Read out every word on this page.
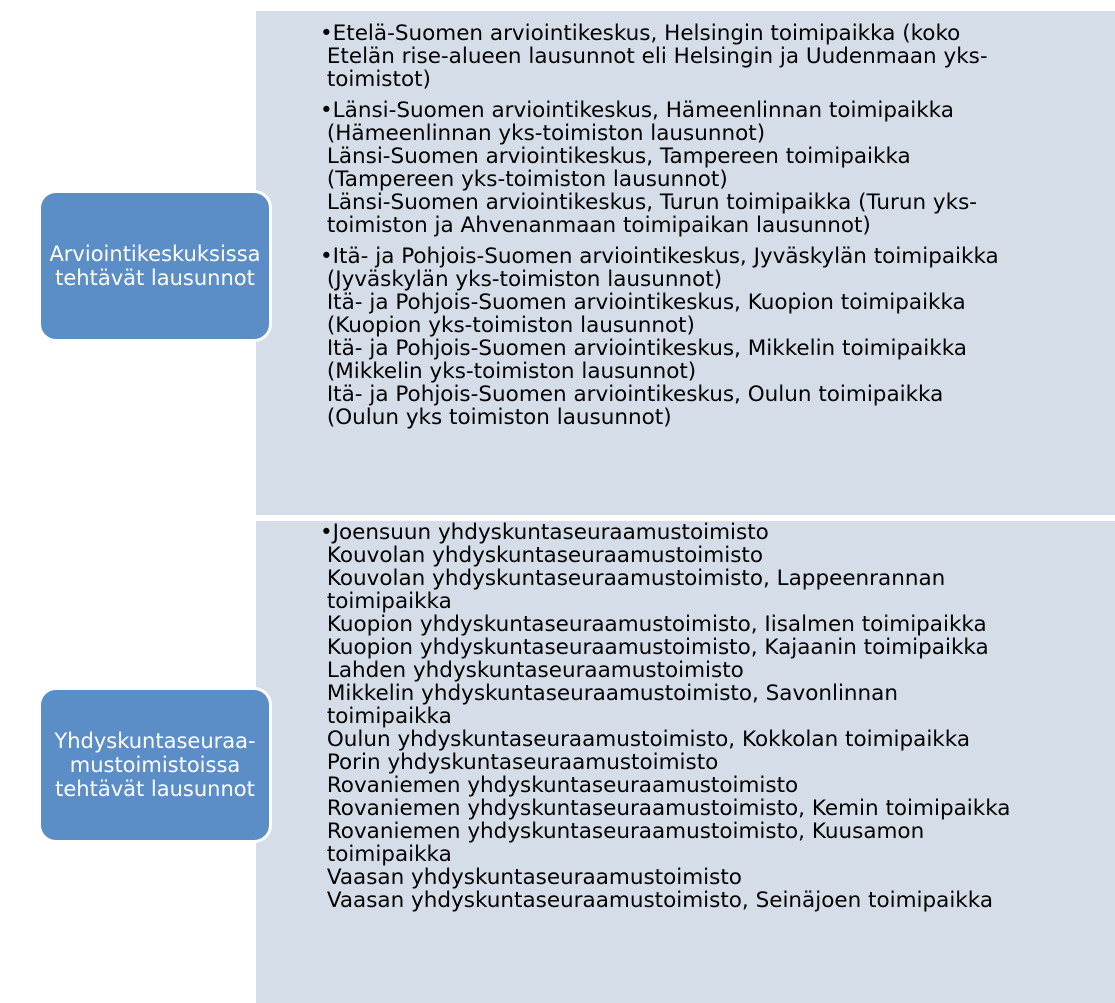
•Etelä-Suomen arviointikeskus, Helsingin toimipaikka (koko
Etelän rise-alueen lausunnot eli Helsingin ja Uudenmaan yks-
toimistot)
•Länsi-Suomen arviointikeskus, Hämeenlinnan toimipaikka
(Hämeenlinnan yks-toimiston lausunnot)
Länsi-Suomen arviointikeskus, Tampereen toimipaikka
(Tampereen yks-toimiston lausunnot)
Länsi-Suomen arviointikeskus, Turun toimipaikka (Turun yks-
toimiston ja Ahvenanmaan toimipaikan lausunnot)
•Itä- ja Pohjois-Suomen arviointikeskus, Jyväskylän toimipaikka
(Jyväskylän yks-toimiston lausunnot)
Itä- ja Pohjois-Suomen arviointikeskus, Kuopion toimipaikka
(Kuopion yks-toimiston lausunnot)
Itä- ja Pohjois-Suomen arviointikeskus, Mikkelin toimipaikka
(Mikkelin yks-toimiston lausunnot)
Itä- ja Pohjois-Suomen arviointikeskus, Oulun toimipaikka
(Oulun yks toimiston lausunnot)
•Joensuun yhdyskuntaseuraamustoimisto
Kouvolan yhdyskuntaseuraamustoimisto
Kouvolan yhdyskuntaseuraamustoimisto, Lappeenrannan
toimipaikka
Kuopion yhdyskuntaseuraamustoimisto, Iisalmen toimipaikka
Kuopion yhdyskuntaseuraamustoimisto, Kajaanin toimipaikka
Lahden yhdyskuntaseuraamustoimisto
Mikkelin yhdyskuntaseuraamustoimisto, Savonlinnan
toimipaikka
Oulun yhdyskuntaseuraamustoimisto, Kokkolan toimipaikka
Porin yhdyskuntaseuraamustoimisto
Rovaniemen yhdyskuntaseuraamustoimisto
Rovaniemen yhdyskuntaseuraamustoimisto, Kemin toimipaikka
Rovaniemen yhdyskuntaseuraamustoimisto, Kuusamon
toimipaikka
Vaasan yhdyskuntaseuraamustoimisto
Vaasan yhdyskuntaseuraamustoimisto, Seinäjoen toimipaikka
Arviointikeskuksissa tehtävät lausunnot
Yhdyskuntaseuraa-mustoimistoissa tehtävät lausunnot
